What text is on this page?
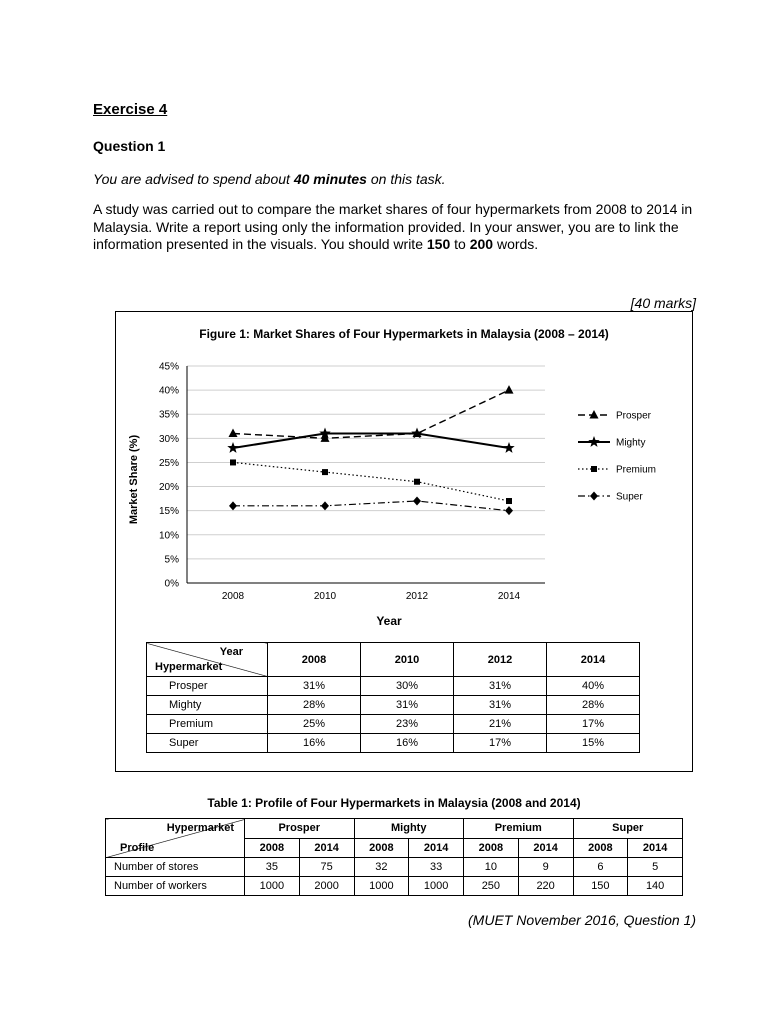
Exercise 4
Question 1
You are advised to spend about 40 minutes on this task.
A study was carried out to compare the market shares of four hypermarkets from 2008 to 2014 in Malaysia. Write a report using only the information provided. In your answer, you are to link the information presented in the visuals. You should write 150 to 200 words.
[40 marks]
Figure 1: Market Shares of Four Hypermarkets in Malaysia (2008 – 2014)
0%
5%
10%
15%
20%
25%
30%
35%
40%
45%
2008	2010	2012	2014
Year
Market Share (%)
Prosper
Mighty
Premium
Super
Year
Hypermarket	2008	2010	2012	2014
Prosper	31%	30%	31%	40%
Mighty	28%	31%	31%	28%
Premium	25%	23%	21%	17%
Super	16%	16%	17%	15%
Table 1: Profile of Four Hypermarkets in Malaysia (2008 and 2014)
Hypermarket
Profile	Prosper		Mighty		Premium		Super	
	2008	2014	2008	2014	2008	2014	2008	2014
Number of stores	35	75	32	33	10	9	6	5
Number of workers	1000	2000	1000	1000	250	220	150	140
(MUET November 2016, Question 1)
